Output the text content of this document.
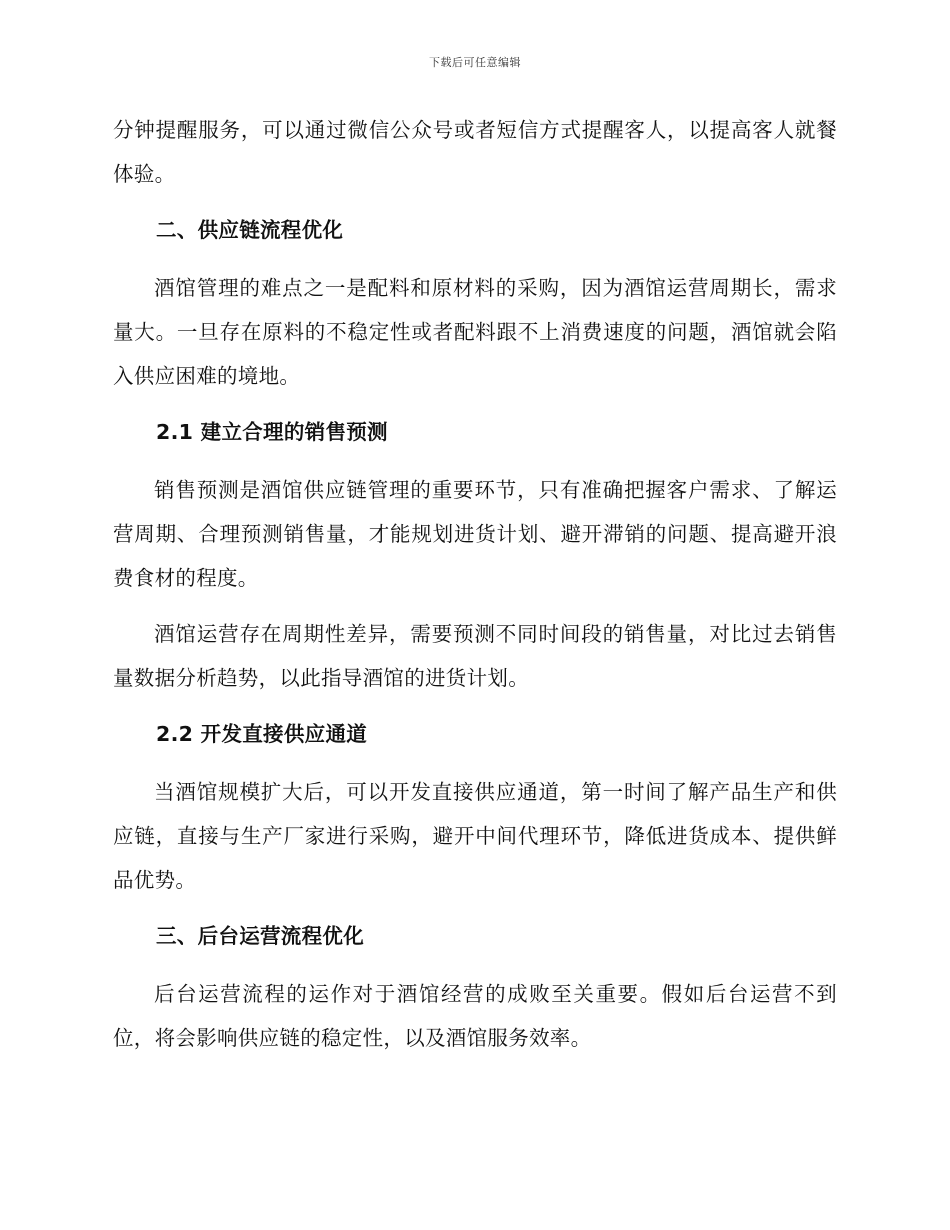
下载后可任意编辑

分钟提醒服务，可以通过微信公众号或者短信方式提醒客人，以提高客人就餐体验。

二、供应链流程优化

酒馆管理的难点之一是配料和原材料的采购，因为酒馆运营周期长，需求量大。一旦存在原料的不稳定性或者配料跟不上消费速度的问题，酒馆就会陷入供应困难的境地。

2.1 建立合理的销售预测

销售预测是酒馆供应链管理的重要环节，只有准确把握客户需求、了解运营周期、合理预测销售量，才能规划进货计划、避开滞销的问题、提高避开浪费食材的程度。

酒馆运营存在周期性差异，需要预测不同时间段的销售量，对比过去销售量数据分析趋势，以此指导酒馆的进货计划。

2.2 开发直接供应通道

当酒馆规模扩大后，可以开发直接供应通道，第一时间了解产品生产和供应链，直接与生产厂家进行采购，避开中间代理环节，降低进货成本、提供鲜品优势。

三、后台运营流程优化

后台运营流程的运作对于酒馆经营的成败至关重要。假如后台运营不到位，将会影响供应链的稳定性，以及酒馆服务效率。
